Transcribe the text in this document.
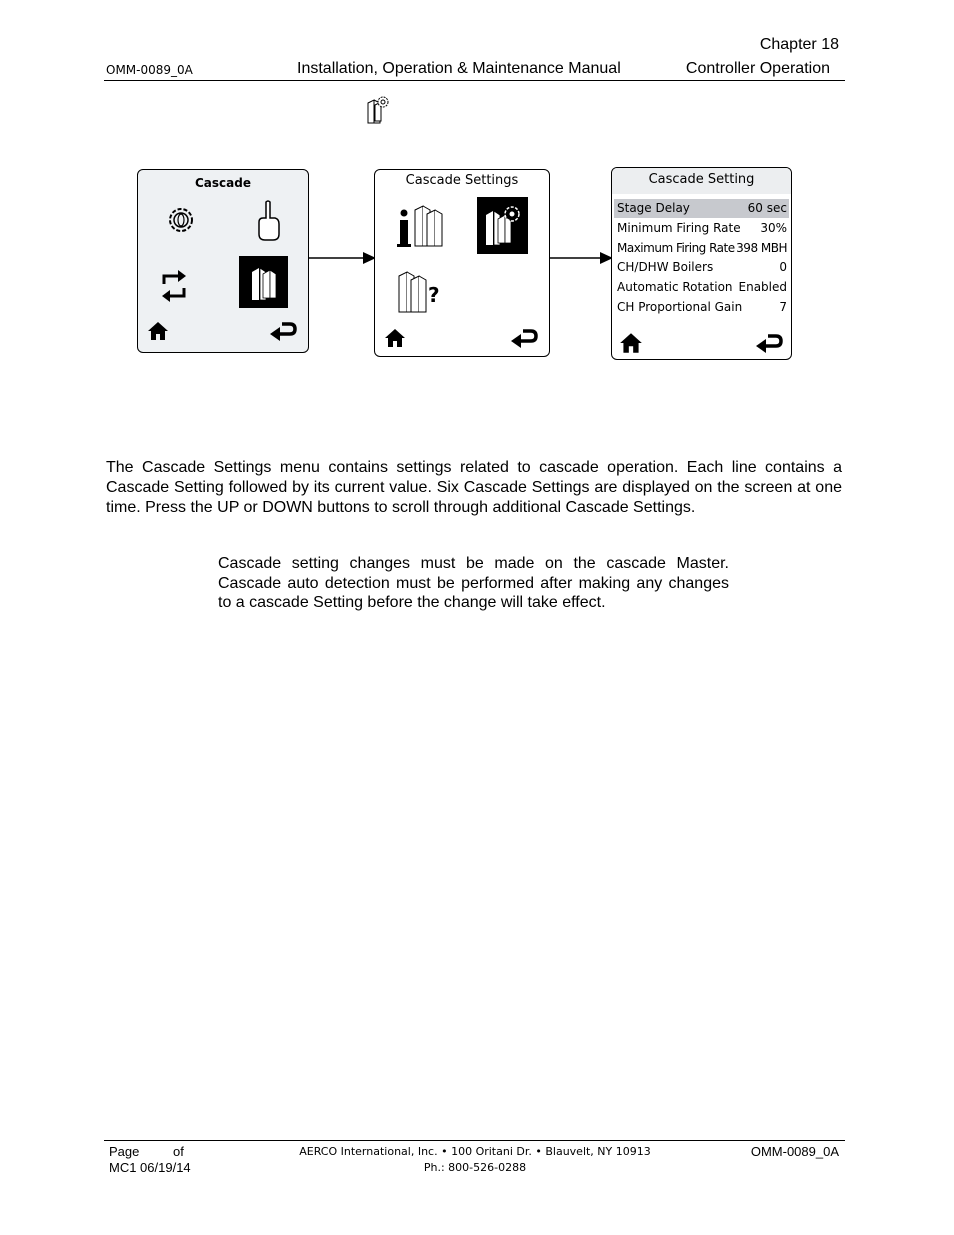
Chapter 18
OMM-0089_0A	Installation, Operation & Maintenance Manual	Controller Operation
Cascade	Cascade Settings
?
Cascade Setting
Stage Delay	60 sec
Minimum Firing Rate 30%
Maximum Firing Rate 398 MBH
CH/DHW Boilers	0
Automatic Rotation Enabled
CH Proportional Gain	7
The Cascade Settings menu contains settings related to cascade operation. Each line contains a Cascade Setting followed by its current value. Six Cascade Settings are displayed on the screen at one time. Press the UP or DOWN buttons to scroll through additional Cascade Settings.
Cascade setting changes must be made on the cascade Master. Cascade auto detection must be performed after making any changes to a cascade Setting before the change will take effect.
Page	of
MC1 06/19/14
AERCO International, Inc. • 100 Oritani Dr. • Blauvelt, NY 10913
Ph.: 800-526-0288
OMM-0089_0A
